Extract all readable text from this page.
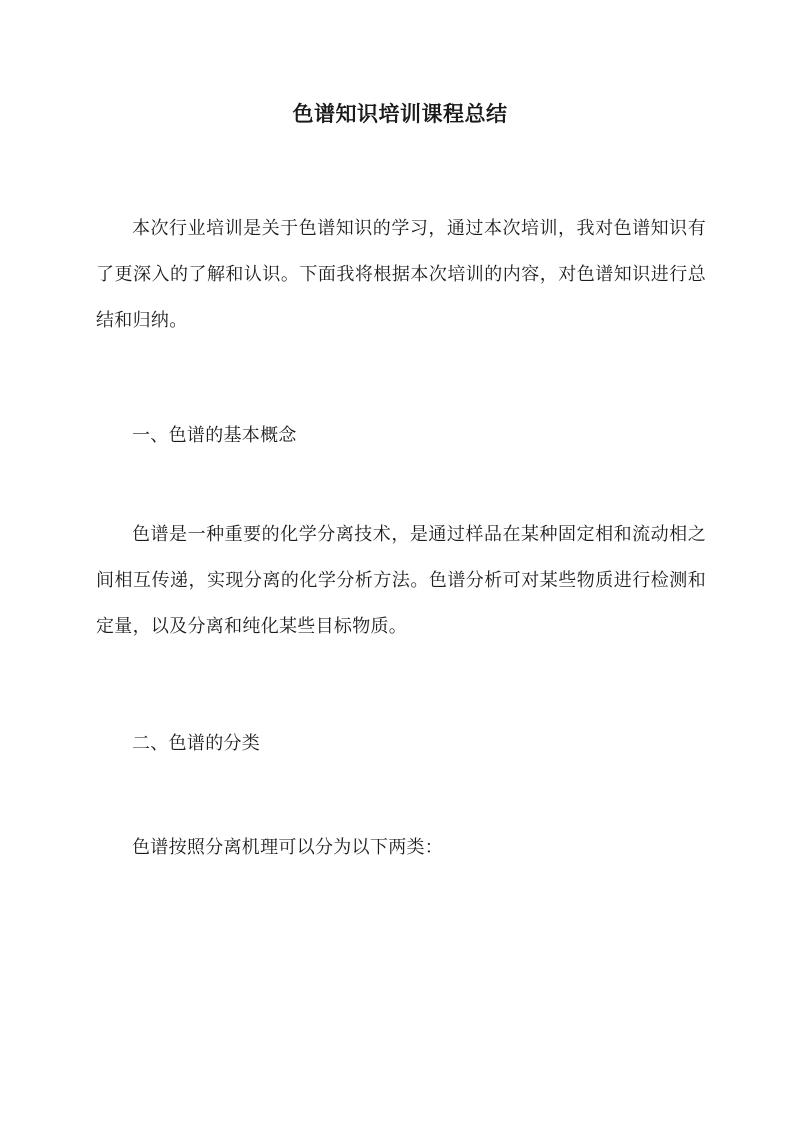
色谱知识培训课程总结

本次行业培训是关于色谱知识的学习，通过本次培训，我对色谱知识有了更深入的了解和认识。下面我将根据本次培训的内容，对色谱知识进行总结和归纳。

一、色谱的基本概念

色谱是一种重要的化学分离技术，是通过样品在某种固定相和流动相之间相互传递，实现分离的化学分析方法。色谱分析可对某些物质进行检测和定量，以及分离和纯化某些目标物质。

二、色谱的分类

色谱按照分离机理可以分为以下两类：
